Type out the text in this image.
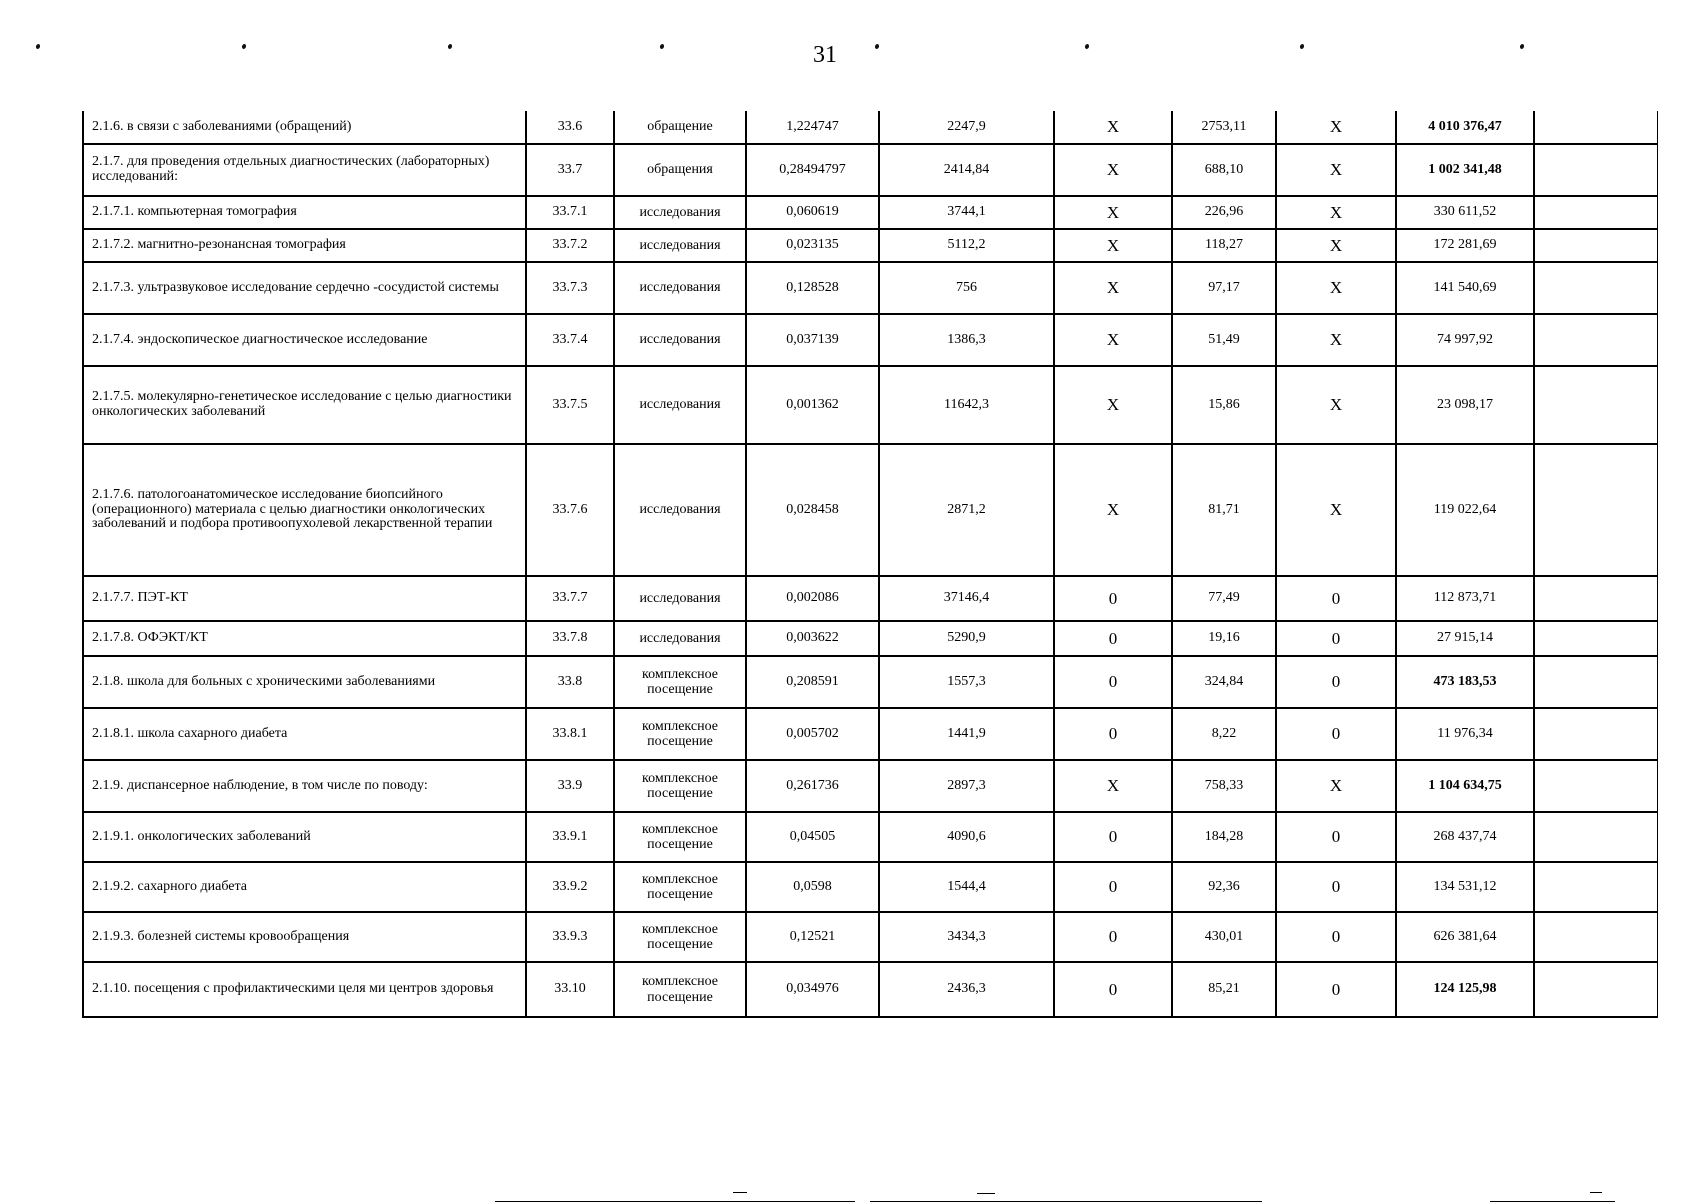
31
2.1.6. в связи с заболеваниями (обращений)	33.6	обращение	1,224747	2247,9	Х	2753,11	Х	4 010 376,47	
2.1.7. для проведения отдельных диагностических (лабораторных) исследований:	33.7	обращения	0,28494797	2414,84	Х	688,10	Х	1 002 341,48	
2.1.7.1. компьютерная томография	33.7.1	исследования	0,060619	3744,1	Х	226,96	Х	330 611,52	
2.1.7.2. магнитно-резонансная томография	33.7.2	исследования	0,023135	5112,2	Х	118,27	Х	172 281,69	
2.1.7.3. ультразвуковое исследование сердечно -сосудистой системы	33.7.3	исследования	0,128528	756	Х	97,17	Х	141 540,69	
2.1.7.4. эндоскопическое диагностическое исследование	33.7.4	исследования	0,037139	1386,3	Х	51,49	Х	74 997,92	
2.1.7.5. молекулярно-генетическое исследование с целью диагностики онкологических заболеваний	33.7.5	исследования	0,001362	11642,3	Х	15,86	Х	23 098,17	
2.1.7.6. патологоанатомическое исследование биопсийного (операционного) материала с целью диагностики онкологических заболеваний и подбора противоопухолевой лекарственной терапии	33.7.6	исследования	0,028458	2871,2	Х	81,71	Х	119 022,64	
2.1.7.7. ПЭТ-КТ	33.7.7	исследования	0,002086	37146,4	0	77,49	0	112 873,71	
2.1.7.8. ОФЭКТ/КТ	33.7.8	исследования	0,003622	5290,9	0	19,16	0	27 915,14	
2.1.8. школа для больных с хроническими заболеваниями	33.8	комплексное посещение	0,208591	1557,3	0	324,84	0	473 183,53	
2.1.8.1. школа сахарного диабета	33.8.1	комплексное посещение	0,005702	1441,9	0	8,22	0	11 976,34	
2.1.9. диспансерное наблюдение, в том числе по поводу:	33.9	комплексное посещение	0,261736	2897,3	Х	758,33	Х	1 104 634,75	
2.1.9.1. онкологических заболеваний	33.9.1	комплексное посещение	0,04505	4090,6	0	184,28	0	268 437,74	
2.1.9.2. сахарного диабета	33.9.2	комплексное посещение	0,0598	1544,4	0	92,36	0	134 531,12	
2.1.9.3. болезней системы кровообращения	33.9.3	комплексное посещение	0,12521	3434,3	0	430,01	0	626 381,64	
2.1.10. посещения с профилактическими целя ми центров здоровья	33.10	комплексное посещение	0,034976	2436,3	0	85,21	0	124 125,98	
